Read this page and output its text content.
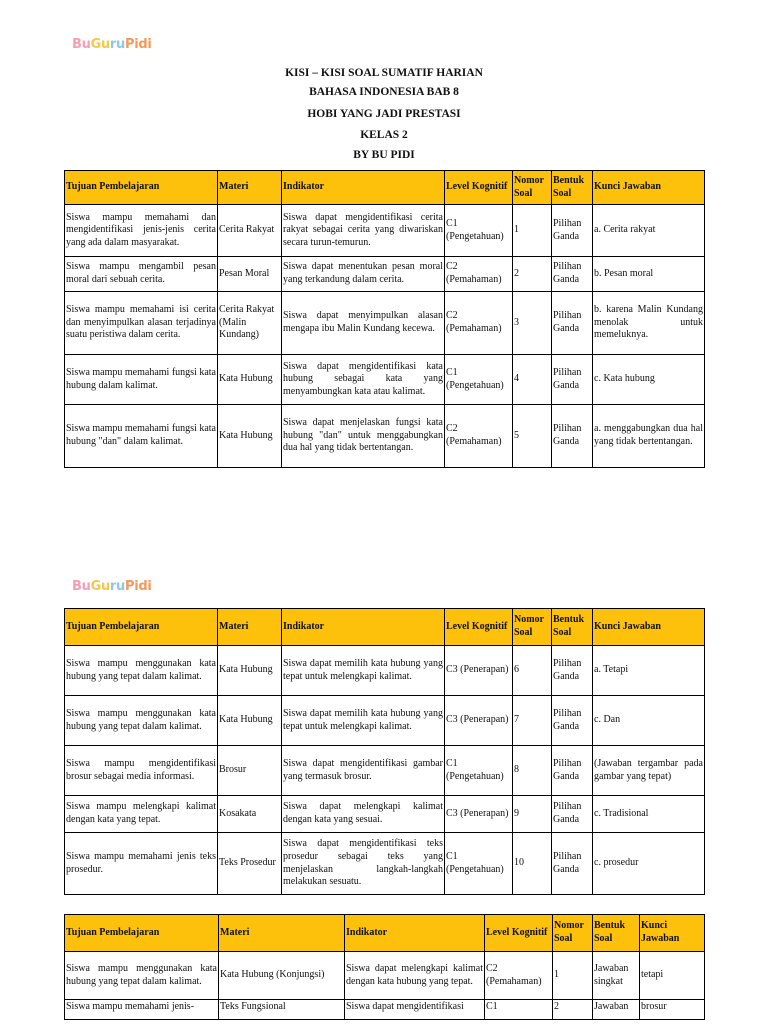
BuGuruPidi
KISI – KISI SOAL SUMATIF HARIAN
BAHASA INDONESIA BAB 8
HOBI YANG JADI PRESTASI
KELAS 2
BY BU PIDI
Tujuan Pembelajaran	Materi	Indikator	Level Kognitif	Nomor Soal	Bentuk Soal	Kunci Jawaban
Siswa mampu memahami dan mengidentifikasi jenis-jenis cerita yang ada dalam masyarakat.	Cerita Rakyat	Siswa dapat mengidentifikasi cerita rakyat sebagai cerita yang diwariskan secara turun-temurun.	C1 (Pengetahuan)	1	Pilihan Ganda	a. Cerita rakyat
Siswa mampu mengambil pesan moral dari sebuah cerita.	Pesan Moral	Siswa dapat menentukan pesan moral yang terkandung dalam cerita.	C2 (Pemahaman)	2	Pilihan Ganda	b. Pesan moral
Siswa mampu memahami isi cerita dan menyimpulkan alasan terjadinya suatu peristiwa dalam cerita.	Cerita Rakyat (Malin Kundang)	Siswa dapat menyimpulkan alasan mengapa ibu Malin Kundang kecewa.	C2 (Pemahaman)	3	Pilihan Ganda	b. karena Malin Kundang menolak untuk memeluknya.
Siswa mampu memahami fungsi kata hubung dalam kalimat.	Kata Hubung	Siswa dapat mengidentifikasi kata hubung sebagai kata yang menyambungkan kata atau kalimat.	C1 (Pengetahuan)	4	Pilihan Ganda	c. Kata hubung
Siswa mampu memahami fungsi kata hubung "dan" dalam kalimat.	Kata Hubung	Siswa dapat menjelaskan fungsi kata hubung "dan" untuk menggabungkan dua hal yang tidak bertentangan.	C2 (Pemahaman)	5	Pilihan Ganda	a. menggabungkan dua hal yang tidak bertentangan.
BuGuruPidi
Tujuan Pembelajaran	Materi	Indikator	Level Kognitif	Nomor Soal	Bentuk Soal	Kunci Jawaban
Siswa mampu menggunakan kata hubung yang tepat dalam kalimat.	Kata Hubung	Siswa dapat memilih kata hubung yang tepat untuk melengkapi kalimat.	C3 (Penerapan)	6	Pilihan Ganda	a. Tetapi
Siswa mampu menggunakan kata hubung yang tepat dalam kalimat.	Kata Hubung	Siswa dapat memilih kata hubung yang tepat untuk melengkapi kalimat.	C3 (Penerapan)	7	Pilihan Ganda	c. Dan
Siswa mampu mengidentifikasi brosur sebagai media informasi.	Brosur	Siswa dapat mengidentifikasi gambar yang termasuk brosur.	C1 (Pengetahuan)	8	Pilihan Ganda	(Jawaban tergambar pada gambar yang tepat)
Siswa mampu melengkapi kalimat dengan kata yang tepat.	Kosakata	Siswa dapat melengkapi kalimat dengan kata yang sesuai.	C3 (Penerapan)	9	Pilihan Ganda	c. Tradisional
Siswa mampu memahami jenis teks prosedur.	Teks Prosedur	Siswa dapat mengidentifikasi teks prosedur sebagai teks yang menjelaskan langkah-langkah melakukan sesuatu.	C1 (Pengetahuan)	10	Pilihan Ganda	c. prosedur
Tujuan Pembelajaran	Materi	Indikator	Level Kognitif	Nomor Soal	Bentuk Soal	Kunci Jawaban
Siswa mampu menggunakan kata hubung yang tepat dalam kalimat.	Kata Hubung (Konjungsi)	Siswa dapat melengkapi kalimat dengan kata hubung yang tepat.	C2 (Pemahaman)	1	Jawaban singkat	tetapi
Siswa mampu memahami jenis-	Teks Fungsional	Siswa dapat mengidentifikasi	C1	2	Jawaban	brosur
